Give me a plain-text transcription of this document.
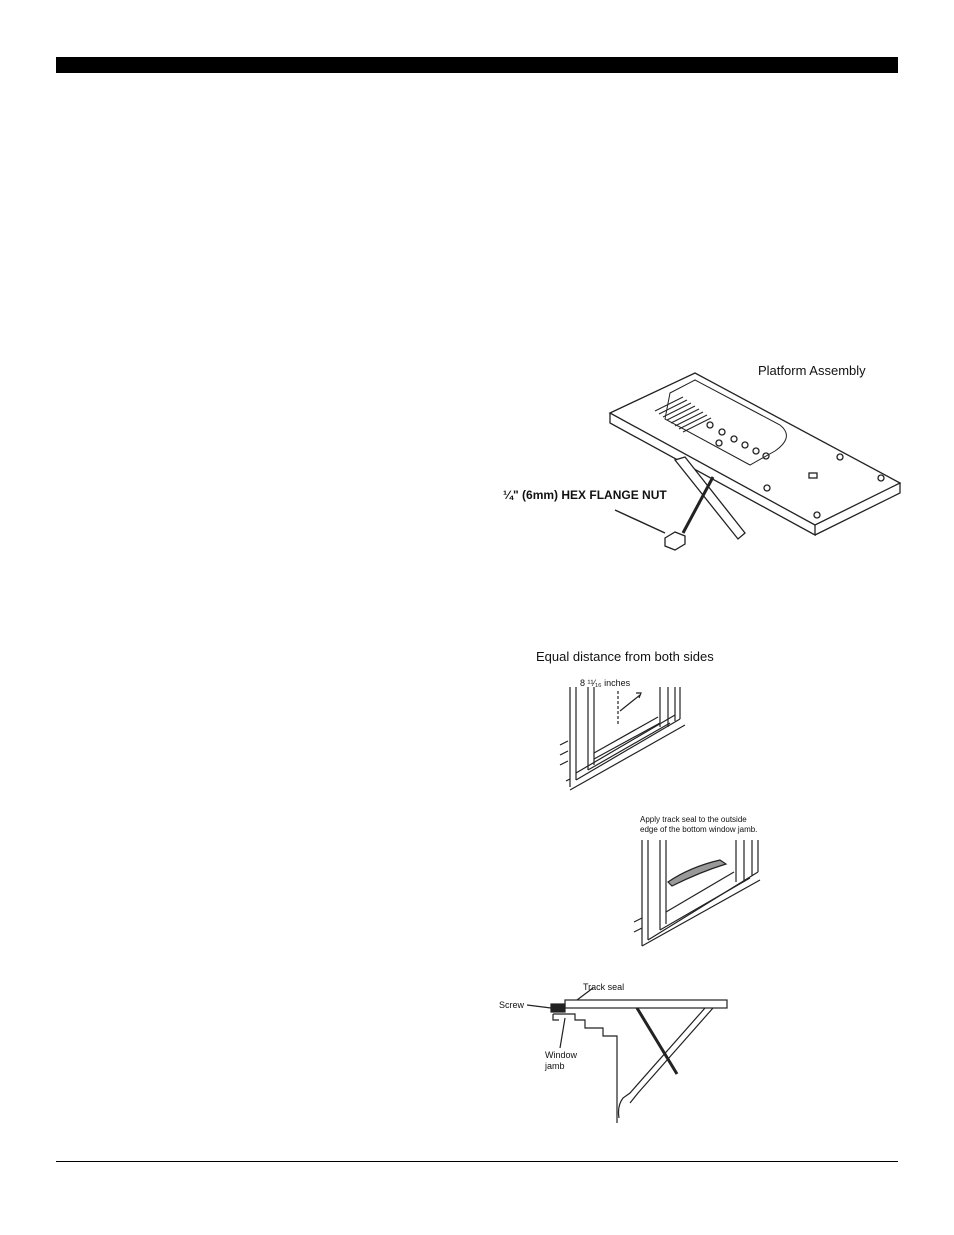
Platform Assembly
¼" (6mm) HEX FLANGE NUT
Equal distance from both sides
8 ¹¹⁄₁₆ inches
Apply track seal to the outside
edge of the bottom window jamb.
Track seal
Screw
Window
jamb
